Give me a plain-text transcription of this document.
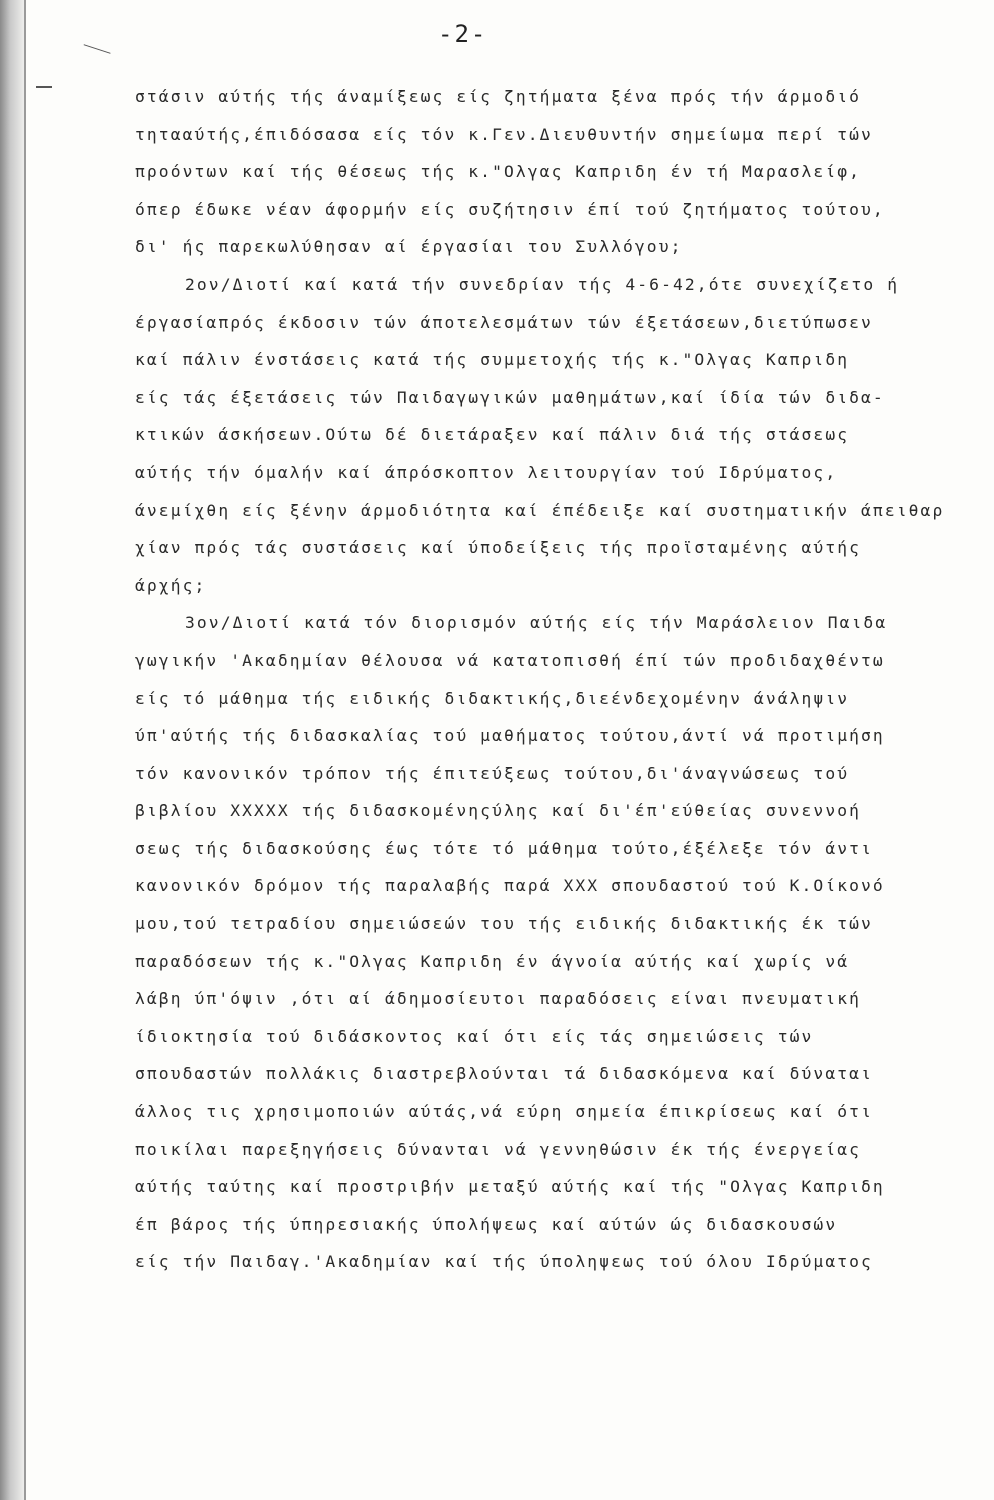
-2-
στάσιν αύτής τής άναμίξεως είς ζητήματα ξένα πρός τήν άρμοδιό
τητααύτής,έπιδόσασα είς τόν κ.Γεν.Διευθυντήν σημείωμα περί τών
προόντων καί τής θέσεως τής κ."Ολγας Καπριδη έν τή Μαρασλείφ,
όπερ έδωκε νέαν άφορμήν είς συζήτησιν έπί τού ζητήματος τούτου,
δι' ής παρεκωλύθησαν αί έργασίαι του Συλλόγου;
2ον/Διοτί καί κατά τήν συνεδρίαν τής 4-6-42,ότε συνεχίζετο ή
έργασίαπρός έκδοσιν τών άποτελεσμάτων τών έξετάσεων,διετύπωσεν
καί πάλιν ένστάσεις κατά τής συμμετοχής τής κ."Ολγας Καπριδη
είς τάς έξετάσεις τών Παιδαγωγικών μαθημάτων,καί ίδία τών διδα-
κτικών άσκήσεων.Ούτω δέ διετάραξεν καί πάλιν διά τής στάσεως
αύτής τήν όμαλήν καί άπρόσκοπτον λειτουργίαν τού Ιδρύματος,
άνεμίχθη είς ξένην άρμοδιότητα καί έπέδειξε καί συστηματικήν άπειθαρ
χίαν πρός τάς συστάσεις καί ύποδείξεις τής προϊσταμένης αύτής
άρχής;
3ον/Διοτί κατά τόν διορισμόν αύτής είς τήν Μαράσλειον Παιδα
γωγικήν 'Ακαδημίαν θέλουσα νά κατατοπισθή έπί τών προδιδαχθέντω
είς τό μάθημα τής ειδικής διδακτικής,διεένδεχομένην άνάληψιν
ύπ'αύτής τής διδασκαλίας τού μαθήματος τούτου,άντί νά προτιμήση
τόν κανονικόν τρόπον τής έπιτεύξεως τούτου,δι'άναγνώσεως τού
βιβλίου ΧΧΧΧΧ τής διδασκομένηςύλης καί δι'έπ'εύθείας συνεννοή
σεως τής διδασκούσης έως τότε τό μάθημα τούτο,έξέλεξε τόν άντι
κανονικόν δρόμον τής παραλαβής παρά ΧΧΧ σπουδαστού τού Κ.Οίκονό
μου,τού τετραδίου σημειώσεών του τής ειδικής διδακτικής έκ τών
παραδόσεων τής κ."Ολγας Καπριδη έν άγνοία αύτής καί χωρίς νά
λάβη ύπ'όψιν ,ότι αί άδημοσίευτοι παραδόσεις είναι πνευματική
ίδιοκτησία τού διδάσκοντος καί ότι είς τάς σημειώσεις τών
σπουδαστών πολλάκις διαστρεβλούνται τά διδασκόμενα καί δύναται
άλλος τις χρησιμοποιών αύτάς,νά εύρη σημεία έπικρίσεως καί ότι
ποικίλαι παρεξηγήσεις δύνανται νά γεννηθώσιν έκ τής ένεργείας
αύτής ταύτης καί προστριβήν μεταξύ αύτής καί τής "Ολγας Καπριδη
έπ βάρος τής ύπηρεσιακής ύπολήψεως καί αύτών ώς διδασκουσών
είς τήν Παιδαγ.'Ακαδημίαν καί τής ύποληψεως τού όλου Ιδρύματος
